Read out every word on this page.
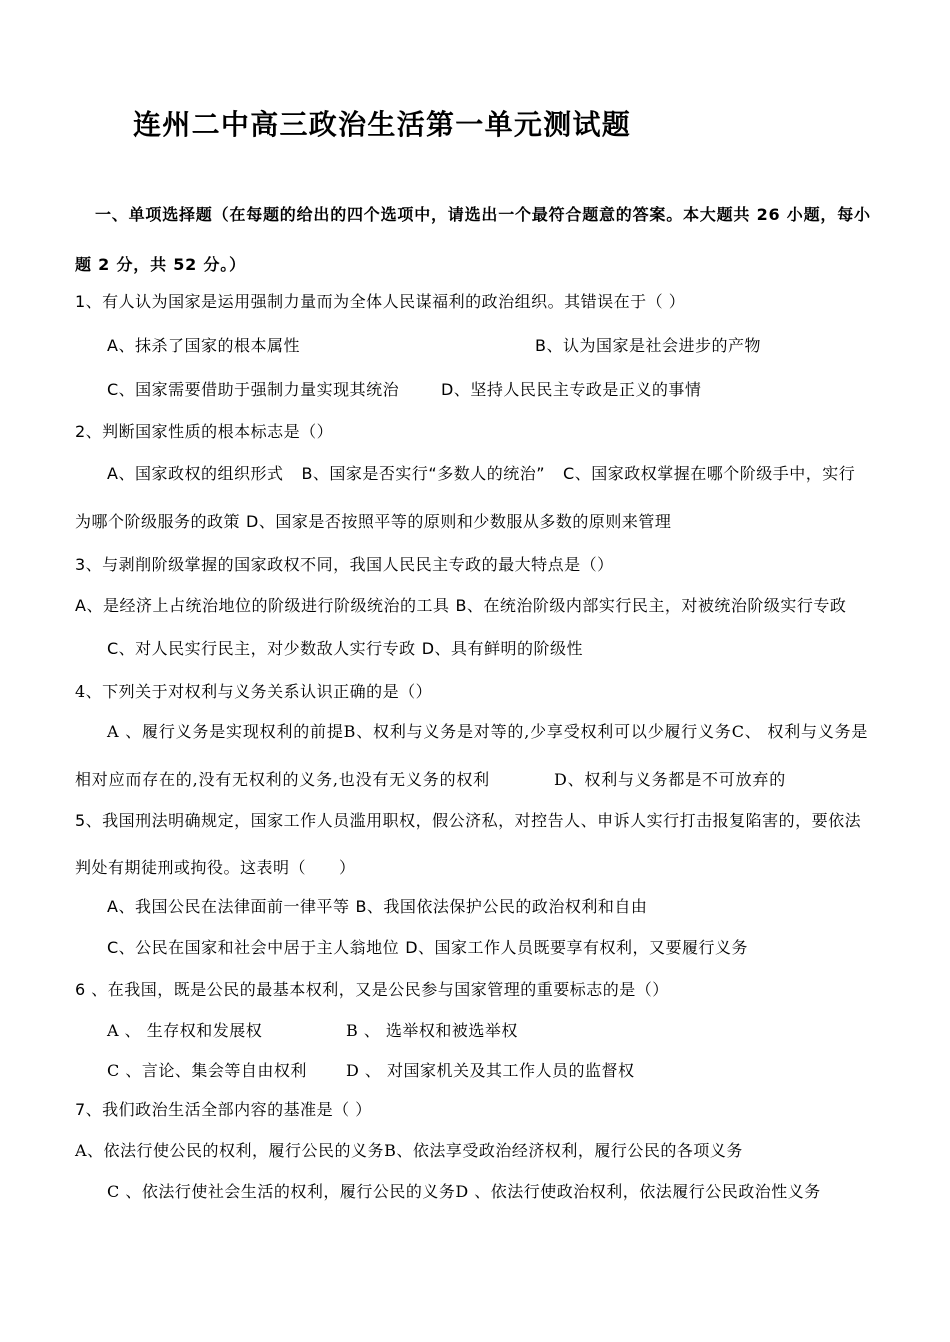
连州二中高三政治生活第一单元测试题
一、单项选择题（在每题的给出的四个选项中，请选出一个最符合题意的答案。本大题共 26 小题，每小题 2 分，共 52 分。）
1、有人认为国家是运用强制力量而为全体人民谋福利的政治组织。其错误在于（ ）
A、抹杀了国家的根本属性	B、认为国家是社会进步的产物
C、国家需要借助于强制力量实现其统治	D、坚持人民民主专政是正义的事情
2、判断国家性质的根本标志是（）
A、国家政权的组织形式 B、国家是否实行“多数人的统治” C、国家政权掌握在哪个阶级手中，实行为哪个阶级服务的政策 D、国家是否按照平等的原则和少数服从多数的原则来管理
3、与剥削阶级掌握的国家政权不同，我国人民民主专政的最大特点是（）
A、是经济上占统治地位的阶级进行阶级统治的工具 B、在统治阶级内部实行民主，对被统治阶级实行专政
C、对人民实行民主，对少数敌人实行专政 D、具有鲜明的阶级性
4、下列关于对权利与义务关系认识正确的是（）
A 、履行义务是实现权利的前提B、权利与义务是对等的,少享受权利可以少履行义务C、 权利与义务是相对应而存在的,没有无权利的义务,也没有无义务的权利	D、权利与义务都是不可放弃的
5、我国刑法明确规定，国家工作人员滥用职权，假公济私，对控告人、申诉人实行打击报复陷害的，要依法判处有期徒刑或拘役。这表明（　　）
A、我国公民在法律面前一律平等 B、我国依法保护公民的政治权利和自由
C、公民在国家和社会中居于主人翁地位 D、国家工作人员既要享有权利，又要履行义务
6 、在我国，既是公民的最基本权利，又是公民参与国家管理的重要标志的是（）
A 、 生存权和发展权	B 、 选举权和被选举权
C 、言论、集会等自由权利 D 、 对国家机关及其工作人员的监督权
7、我们政治生活全部内容的基准是（ ）
A、依法行使公民的权利，履行公民的义务B、依法享受政治经济权利，履行公民的各项义务
C 、依法行使社会生活的权利，履行公民的义务D 、依法行使政治权利，依法履行公民政治性义务
